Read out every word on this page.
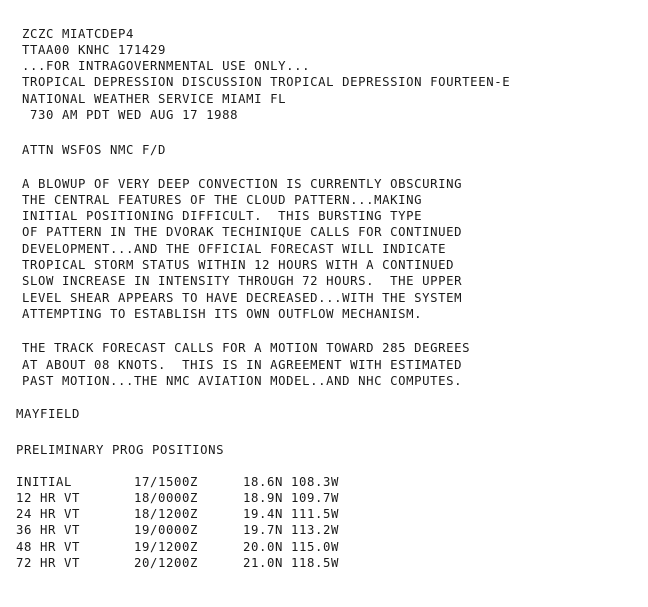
ZCZC MIATCDEP4
TTAA00 KNHC 171429
...FOR INTRAGOVERNMENTAL USE ONLY...
TROPICAL DEPRESSION DISCUSSION TROPICAL DEPRESSION FOURTEEN-E
NATIONAL WEATHER SERVICE MIAMI FL
730 AM PDT WED AUG 17 1988
ATTN WSFOS NMC F/D
A BLOWUP OF VERY DEEP CONVECTION IS CURRENTLY OBSCURING
THE CENTRAL FEATURES OF THE CLOUD PATTERN...MAKING
INITIAL POSITIONING DIFFICULT.  THIS BURSTING TYPE
OF PATTERN IN THE DVORAK TECHINIQUE CALLS FOR CONTINUED
DEVELOPMENT...AND THE OFFICIAL FORECAST WILL INDICATE
TROPICAL STORM STATUS WITHIN 12 HOURS WITH A CONTINUED
SLOW INCREASE IN INTENSITY THROUGH 72 HOURS.  THE UPPER
LEVEL SHEAR APPEARS TO HAVE DECREASED...WITH THE SYSTEM
ATTEMPTING TO ESTABLISH ITS OWN OUTFLOW MECHANISM.
THE TRACK FORECAST CALLS FOR A MOTION TOWARD 285 DEGREES
AT ABOUT 08 KNOTS.  THIS IS IN AGREEMENT WITH ESTIMATED
PAST MOTION...THE NMC AVIATION MODEL..AND NHC COMPUTES.
MAYFIELD
PRELIMINARY PROG POSITIONS
INITIAL	17/1500Z	18.6N 108.3W
12 HR VT	18/0000Z	18.9N 109.7W
24 HR VT	18/1200Z	19.4N 111.5W
36 HR VT	19/0000Z	19.7N 113.2W
48 HR VT	19/1200Z	20.0N 115.0W
72 HR VT	20/1200Z	21.0N 118.5W
